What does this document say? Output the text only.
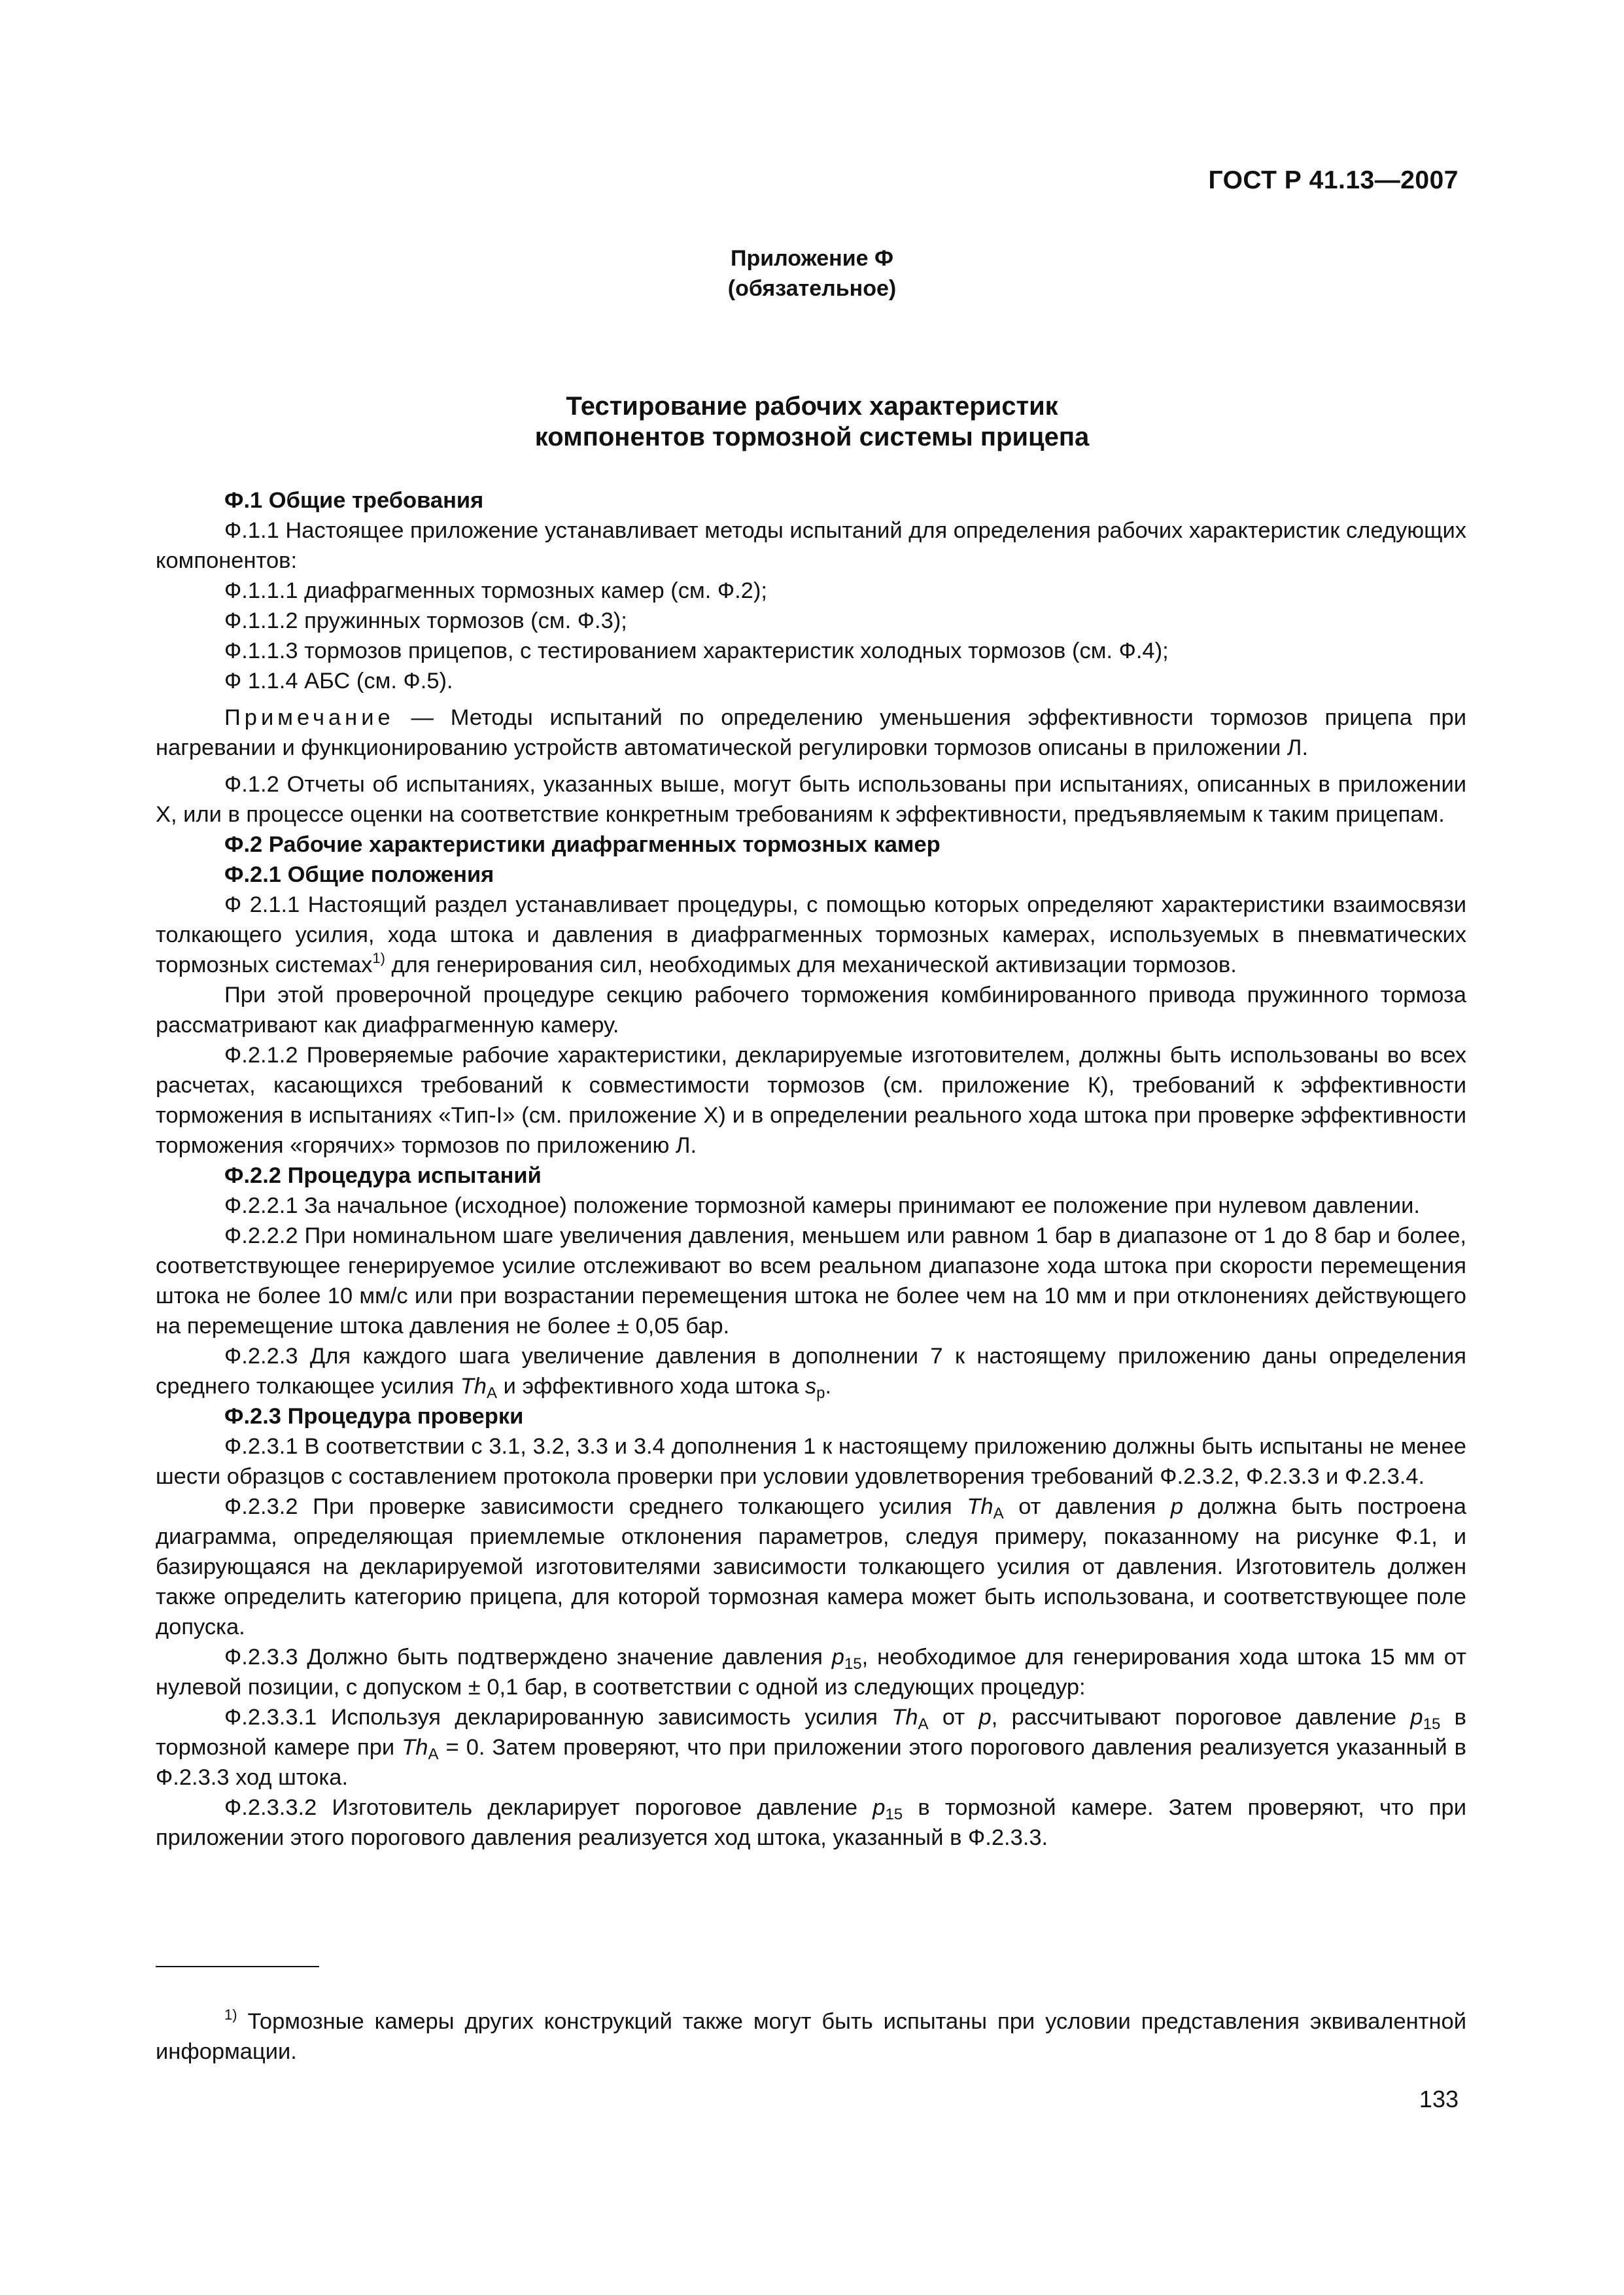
ГОСТ Р 41.13—2007
Приложение Ф
(обязательное)
Тестирование рабочих характеристик
компонентов тормозной системы прицепа

Ф.1 Общие требования

Ф.1.1 Настоящее приложение устанавливает методы испытаний для определения рабочих характеристик следующих компонентов:

Ф.1.1.1 диафрагменных тормозных камер (см. Ф.2);

Ф.1.1.2 пружинных тормозов (см. Ф.3);

Ф.1.1.3 тормозов прицепов, с тестированием характеристик холодных тормозов (см. Ф.4);

Ф 1.1.4 АБС (см. Ф.5).

Примечание — Методы испытаний по определению уменьшения эффективности тормозов прицепа при нагревании и функционированию устройств автоматической регулировки тормозов описаны в приложении Л.

Ф.1.2 Отчеты об испытаниях, указанных выше, могут быть использованы при испытаниях, описанных в приложении Х, или в процессе оценки на соответствие конкретным требованиям к эффективности, предъявляемым к таким прицепам.

Ф.2 Рабочие характеристики диафрагменных тормозных камер

Ф.2.1 Общие положения

Ф 2.1.1 Настоящий раздел устанавливает процедуры, с помощью которых определяют характеристики взаимосвязи толкающего усилия, хода штока и давления в диафрагменных тормозных камерах, используемых в пневматических тормозных системах$^{1)}$ для генерирования сил, необходимых для механической активизации тормозов.

При этой проверочной процедуре секцию рабочего торможения комбинированного привода пружинного тормоза рассматривают как диафрагменную камеру.

Ф.2.1.2 Проверяемые рабочие характеристики, декларируемые изготовителем, должны быть использованы во всех расчетах, касающихся требований к совместимости тормозов (см. приложение К), требований к эффективности торможения в испытаниях «Тип-I» (см. приложение Х) и в определении реального хода штока при проверке эффективности торможения «горячих» тормозов по приложению Л.

Ф.2.2 Процедура испытаний

Ф.2.2.1 За начальное (исходное) положение тормозной камеры принимают ее положение при нулевом давлении.

Ф.2.2.2 При номинальном шаге увеличения давления, меньшем или равном 1 бар в диапазоне от 1 до 8 бар и более, соответствующее генерируемое усилие отслеживают во всем реальном диапазоне хода штока при скорости перемещения штока не более 10 мм/с или при возрастании перемещения штока не более чем на 10 мм и при отклонениях действующего на перемещение штока давления не более ± 0,05 бар.

Ф.2.2.3 Для каждого шага увеличение давления в дополнении 7 к настоящему приложению даны определения среднего толкающее усилия $Th_A$ и эффективного хода штока $s_p$.

Ф.2.3 Процедура проверки

Ф.2.3.1 В соответствии с 3.1, 3.2, 3.3 и 3.4 дополнения 1 к настоящему приложению должны быть испытаны не менее шести образцов с составлением протокола проверки при условии удовлетворения требований Ф.2.3.2, Ф.2.3.3 и Ф.2.3.4.

Ф.2.3.2 При проверке зависимости среднего толкающего усилия $Th_A$ от давления p должна быть построена диаграмма, определяющая приемлемые отклонения параметров, следуя примеру, показанному на рисунке Ф.1, и базирующаяся на декларируемой изготовителями зависимости толкающего усилия от давления. Изготовитель должен также определить категорию прицепа, для которой тормозная камера может быть использована, и соответствующее поле допуска.

Ф.2.3.3 Должно быть подтверждено значение давления $p_{15}$, необходимое для генерирования хода штока 15 мм от нулевой позиции, с допуском ± 0,1 бар, в соответствии с одной из следующих процедур:

Ф.2.3.3.1 Используя декларированную зависимость усилия $Th_A$ от p, рассчитывают пороговое давление $p_{15}$ в тормозной камере при $Th_A = 0$. Затем проверяют, что при приложении этого порогового давления реализуется указанный в Ф.2.3.3 ход штока.

Ф.2.3.3.2 Изготовитель декларирует пороговое давление $p_{15}$ в тормозной камере. Затем проверяют, что при приложении этого порогового давления реализуется ход штока, указанный в Ф.2.3.3.

$^{1)}$ Тормозные камеры других конструкций также могут быть испытаны при условии представления эквивалентной информации.

133
